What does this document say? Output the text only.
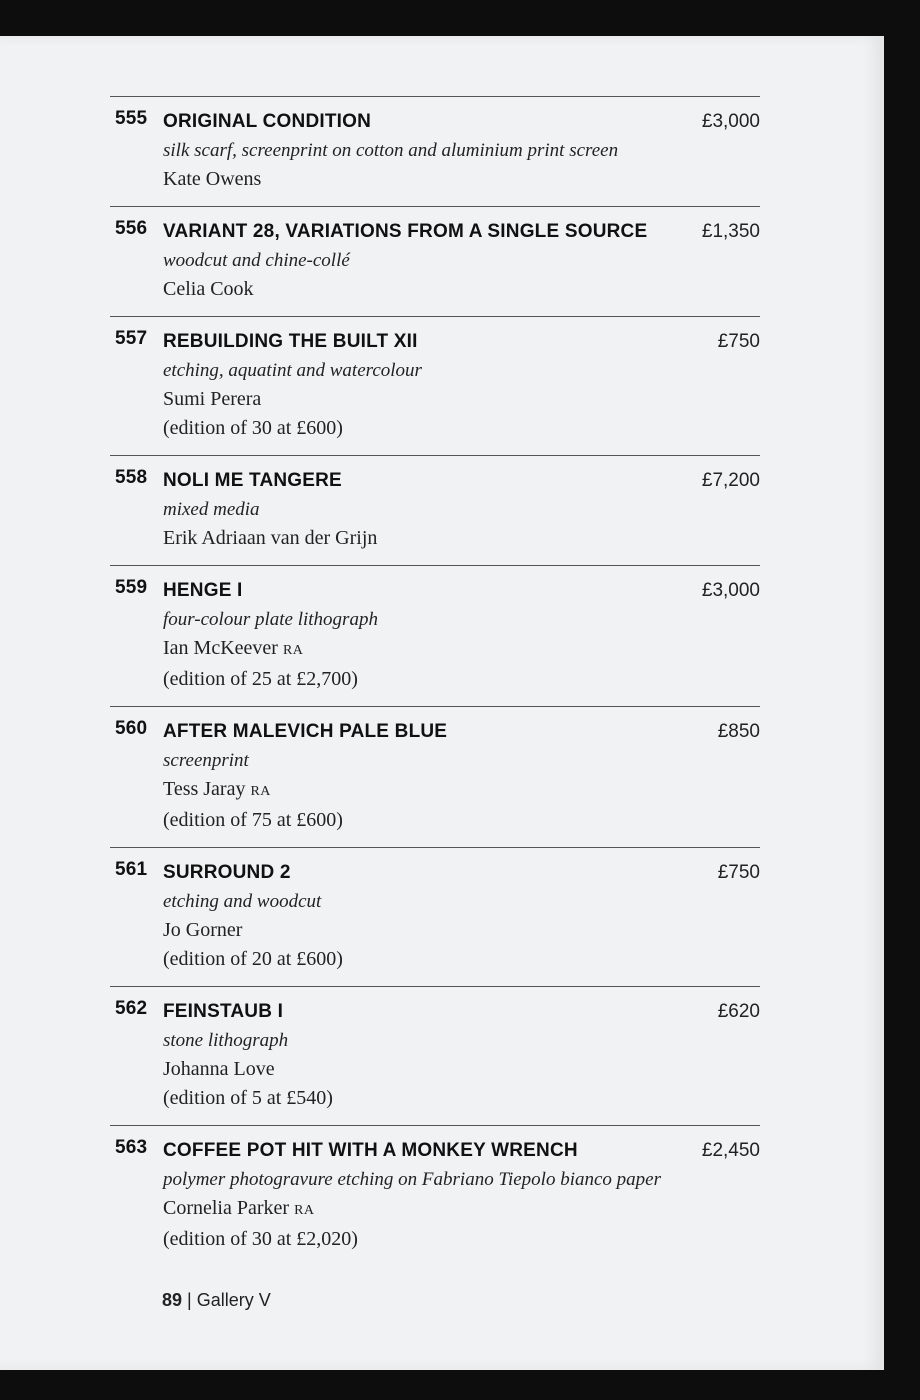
555 ORIGINAL CONDITION
silk scarf, screenprint on cotton and aluminium print screen
Kate Owens
£3,000
556 VARIANT 28, VARIATIONS FROM A SINGLE SOURCE
woodcut and chine-collé
Celia Cook
£1,350
557 REBUILDING THE BUILT XII
etching, aquatint and watercolour
Sumi Perera
(edition of 30 at £600)
£750
558 NOLI ME TANGERE
mixed media
Erik Adriaan van der Grijn
£7,200
559 HENGE I
four-colour plate lithograph
Ian McKeever RA
(edition of 25 at £2,700)
£3,000
560 AFTER MALEVICH PALE BLUE
screenprint
Tess Jaray RA
(edition of 75 at £600)
£850
561 SURROUND 2
etching and woodcut
Jo Gorner
(edition of 20 at £600)
£750
562 FEINSTAUB I
stone lithograph
Johanna Love
(edition of 5 at £540)
£620
563 COFFEE POT HIT WITH A MONKEY WRENCH
polymer photogravure etching on Fabriano Tiepolo bianco paper
Cornelia Parker RA
(edition of 30 at £2,020)
£2,450
89 | Gallery V
